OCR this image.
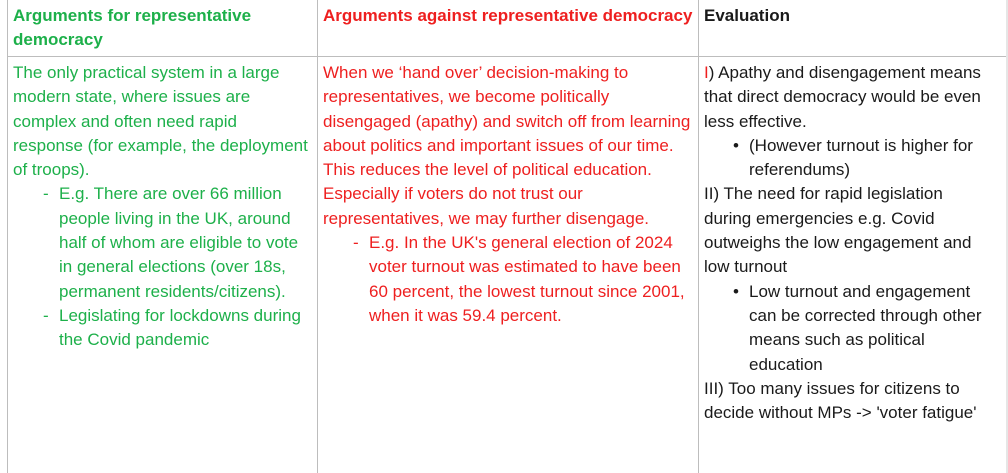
Arguments for representative democracy
Arguments against representative democracy Evaluation
The only practical system in a large modern state, where issues are complex and often need rapid response (for example, the deployment of troops).
- E.g. There are over 66 million people living in the UK, around half of whom are eligible to vote in general elections (over 18s, permanent residents/citizens).
- Legislating for lockdowns during the Covid pandemic
When we ‘hand over’ decision-making to representatives, we become politically disengaged (apathy) and switch off from learning about politics and important issues of our time. This reduces the level of political education. Especially if voters do not trust our representatives, we may further disengage.
- E.g. In the UK's general election of 2024 voter turnout was estimated to have been 60 percent, the lowest turnout since 2001, when it was 59.4 percent.
I) Apathy and disengagement means that direct democracy would be even less effective.
• (However turnout is higher for referendums)
II) The need for rapid legislation during emergencies e.g. Covid outweighs the low engagement and low turnout
• Low turnout and engagement can be corrected through other means such as political education
III) Too many issues for citizens to decide without MPs -> 'voter fatigue'
